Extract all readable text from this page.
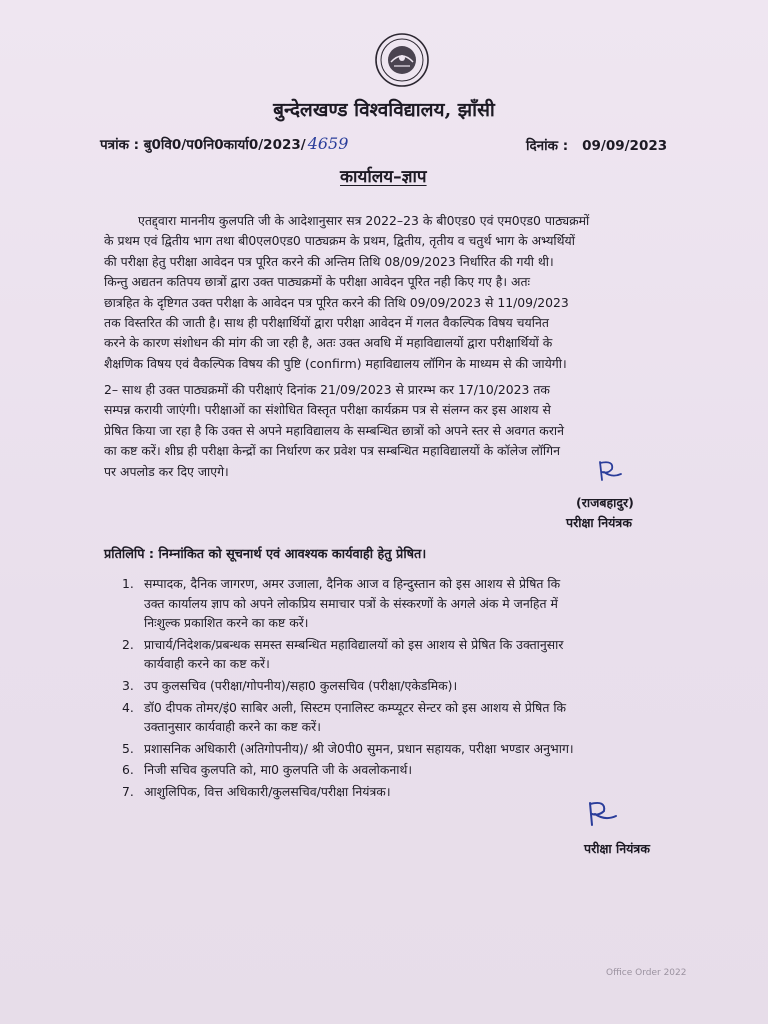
बुन्देलखण्ड विश्वविद्यालय, झाँसी
पत्रांक : बु0वि0/प0नि0कार्या0/2023/ 4659	दिनांक : 09/09/2023
कार्यालय–ज्ञाप
एतद्द्वारा माननीय कुलपति जी के आदेशानुसार सत्र 2022–23 के बी0एड0 एवं एम0एड0 पाठ्यक्रमों
के प्रथम एवं द्वितीय भाग तथा बी0एल0एड0 पाठ्यक्रम के प्रथम, द्वितीय, तृतीय व चतुर्थ भाग के अभ्यर्थियों
की परीक्षा हेतु परीक्षा आवेदन पत्र पूरित करने की अन्तिम तिथि 08/09/2023 निर्धारित की गयी थी।
किन्तु अद्यतन कतिपय छात्रों द्वारा उक्त पाठ्यक्रमों के परीक्षा आवेदन पूरित नही किए गए है। अतः
छात्रहित के दृष्टिगत उक्त परीक्षा के आवेदन पत्र पूरित करने की तिथि 09/09/2023 से 11/09/2023
तक विस्तरित की जाती है। साथ ही परीक्षार्थियों द्वारा परीक्षा आवेदन में गलत वैकल्पिक विषय चयनित
करने के कारण संशोधन की मांग की जा रही है, अतः उक्त अवधि में महाविद्यालयों द्वारा परीक्षार्थियों के
शैक्षणिक विषय एवं वैकल्पिक विषय की पुष्टि (confirm) महाविद्यालय लॉगिन के माध्यम से की जायेगी।
2– साथ ही उक्त पाठ्यक्रमों की परीक्षाएं दिनांक 21/09/2023 से प्रारम्भ कर 17/10/2023 तक
सम्पन्न करायी जाएंगी। परीक्षाओं का संशोधित विस्तृत परीक्षा कार्यक्रम पत्र से संलग्न कर इस आशय से
प्रेषित किया जा रहा है कि उक्त से अपने महाविद्यालय के सम्बन्धित छात्रों को अपने स्तर से अवगत कराने
का कष्ट करें। शीघ्र ही परीक्षा केन्द्रों का निर्धारण कर प्रवेश पत्र सम्बन्धित महाविद्यालयों के कॉलेज लॉगिन
पर अपलोड कर दिए जाएगे।
(राजबहादुर)
परीक्षा नियंत्रक
प्रतिलिपि : निम्नांकित को सूचनार्थ एवं आवश्यक कार्यवाही हेतु प्रेषित।
1. सम्पादक, दैनिक जागरण, अमर उजाला, दैनिक आज व हिन्दुस्तान को इस आशय से प्रेषित कि
उक्त कार्यालय ज्ञाप को अपने लोकप्रिय समाचार पत्रों के संस्करणों के अगले अंक मे जनहित में
निःशुल्क प्रकाशित करने का कष्ट करें।
2. प्राचार्य/निदेशक/प्रबन्धक समस्त सम्बन्धित महाविद्यालयों को इस आशय से प्रेषित कि उक्तानुसार
कार्यवाही करने का कष्ट करें।
3. उप कुलसचिव (परीक्षा/गोपनीय)/सहा0 कुलसचिव (परीक्षा/एकेडमिक)।
4. डॉ0 दीपक तोमर/इं0 साबिर अली, सिस्टम एनालिस्ट कम्प्यूटर सेन्टर को इस आशय से प्रेषित कि
उक्तानुसार कार्यवाही करने का कष्ट करें।
5. प्रशासनिक अधिकारी (अतिगोपनीय)/ श्री जे0पी0 सुमन, प्रधान सहायक, परीक्षा भण्डार अनुभाग।
6. निजी सचिव कुलपति को, मा0 कुलपति जी के अवलोकनार्थ।
7. आशुलिपिक, वित्त अधिकारी/कुलसचिव/परीक्षा नियंत्रक।
परीक्षा नियंत्रक
Office Order 2022
